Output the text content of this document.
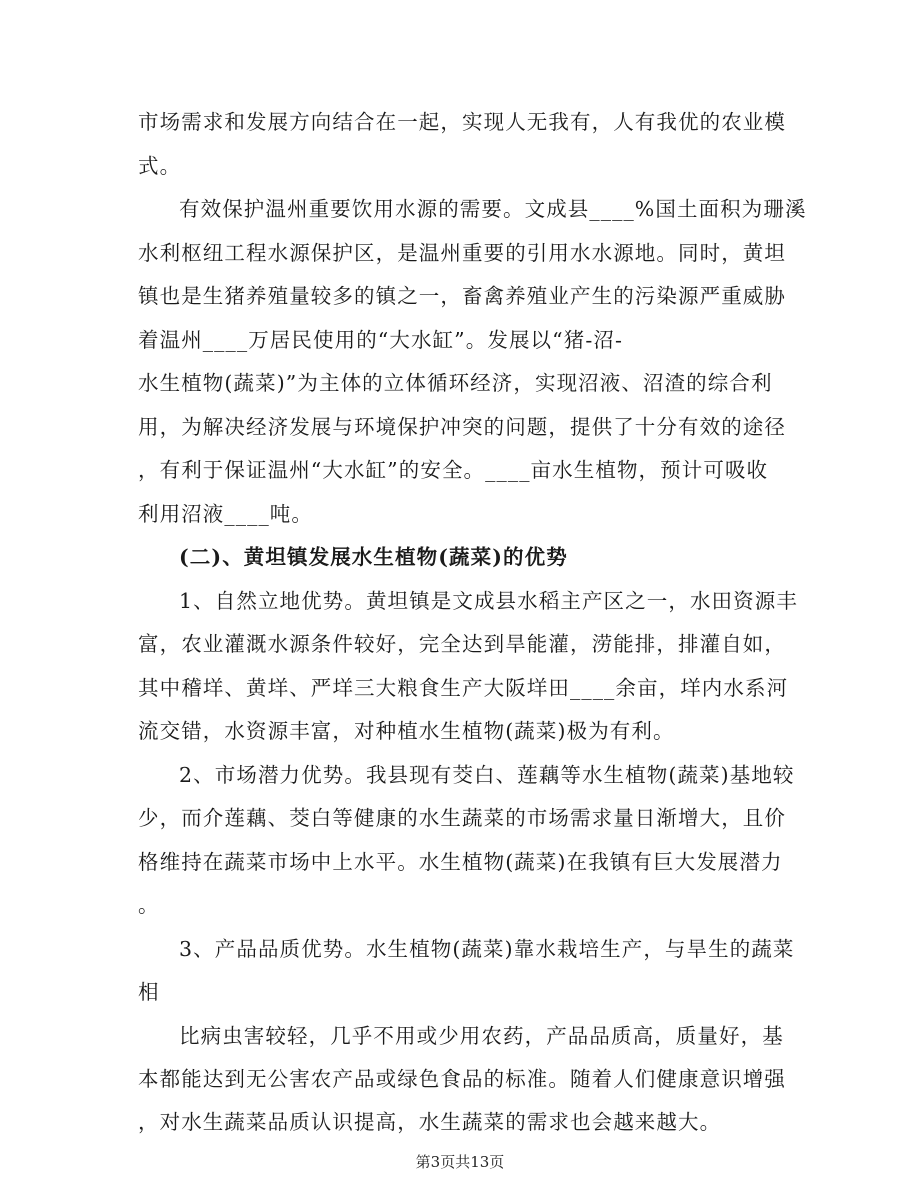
市场需求和发展方向结合在一起，实现人无我有，人有我优的农业模
式。
有效保护温州重要饮用水源的需要。文成县____%国土面积为珊溪
水利枢纽工程水源保护区，是温州重要的引用水水源地。同时，黄坦
镇也是生猪养殖量较多的镇之一，畜禽养殖业产生的污染源严重威胁
着温州____万居民使用的“大水缸”。发展以“猪-沼-
水生植物(蔬菜)”为主体的立体循环经济，实现沼液、沼渣的综合利
用，为解决经济发展与环境保护冲突的问题，提供了十分有效的途径
，有利于保证温州“大水缸”的安全。____亩水生植物，预计可吸收
利用沼液____吨。
(二)、黄坦镇发展水生植物(蔬菜)的优势
1、自然立地优势。黄坦镇是文成县水稻主产区之一，水田资源丰
富，农业灌溉水源条件较好，完全达到旱能灌，涝能排，排灌自如，
其中稽垟、黄垟、严垟三大粮食生产大阪垟田____余亩，垟内水系河
流交错，水资源丰富，对种植水生植物(蔬菜)极为有利。
2、市场潜力优势。我县现有茭白、莲藕等水生植物(蔬菜)基地较
少，而介莲藕、茭白等健康的水生蔬菜的市场需求量日渐增大，且价
格维持在蔬菜市场中上水平。水生植物(蔬菜)在我镇有巨大发展潜力
。
3、产品品质优势。水生植物(蔬菜)靠水栽培生产，与旱生的蔬菜
相
比病虫害较轻，几乎不用或少用农药，产品品质高，质量好，基
本都能达到无公害农产品或绿色食品的标准。随着人们健康意识增强
第3页共13页
，对水生蔬菜品质认识提高，水生蔬菜的需求也会越来越大。
